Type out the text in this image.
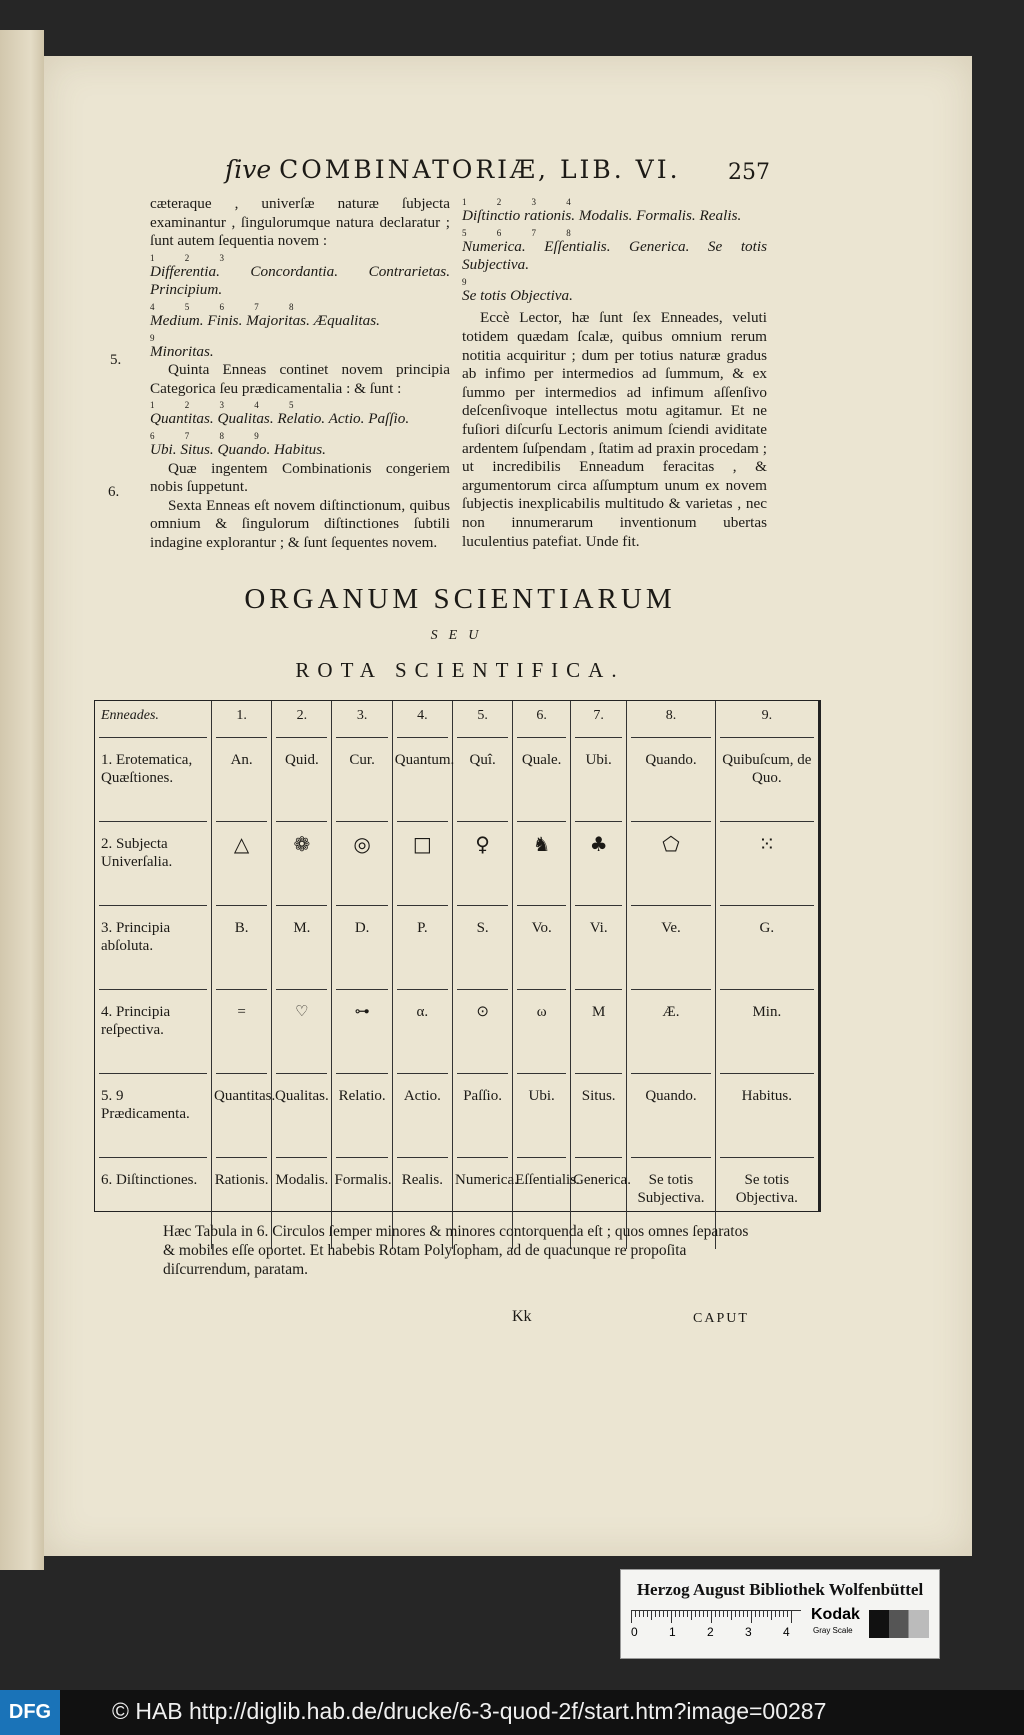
ſive COMBINATORIÆ, LIB. VI.	257

cæteraque , univerſæ naturæ ſubjecta examinantur , ſingulorumque natura declaratur ; ſunt autem ſequentia novem :

1 2 3

Differentia. Concordantia. Contrarietas. Principium.

4 5 6 7 8

Medium. Finis. Majoritas. Æqualitas.

9

Minoritas.

Quinta Enneas continet novem principia Categorica ſeu prædicamentalia : & ſunt :

1 2 3 4 5

Quantitas. Qualitas. Relatio. Actio. Paſſio.

6 7 8 9

Ubi. Situs. Quando. Habitus.

Quæ ingentem Combinationis congeriem nobis ſuppetunt.

Sexta Enneas eſt novem diſtinctionum, quibus omnium & ſingulorum diſtinctiones ſubtili indagine explorantur ; & ſunt ſequentes novem.

5.
6.
1 2 3 4

Diſtinctio rationis. Modalis. Formalis. Realis.

5 6 7 8

Numerica. Eſſentialis. Generica. Se totis Subjectiva.

9

Se totis Objectiva.

Eccè Lector, hæ ſunt ſex Enneades, veluti totidem quædam ſcalæ, quibus omnium rerum notitia acquiritur ; dum per totius naturæ gradus ab infimo per intermedios ad ſummum, & ex ſummo per intermedios ad infimum aſſenſivo deſcenſivoque intellectus motu agitamur. Et ne fuſiori diſcurſu Lectoris animum ſciendi aviditate ardentem ſuſpendam , ſtatim ad praxin procedam ; ut incredibilis Enneadum feracitas , & argumentorum circa aſſumptum unum ex novem ſubjectis inexplicabilis multitudo & varietas , nec non innumerarum inventionum ubertas luculentius patefiat. Unde fit.

ORGANUM SCIENTIARUM
SEU
ROTA SCIENTIFICA.
Enneades.	1.	2.	3.	4.	5.	6.	7.	8.	9.

1. Erotematica, Quæſtiones.	An.	Quid.	Cur.	Quantum.	Quî.	Quale.	Ubi.	Quando.	Quibuſcum, de Quo.

2. Subjecta Univerſalia.	△	❁	◎	□	♀	♞	♣	⬠	⁙

3. Principia abſoluta.	B.	M.	D.	P.	S.	Vo.	Vi.	Ve.	G.

4. Principia reſpectiva.	=	♡	⊶	α.	⊙	ω	M	Æ.	Min.

5. 9 Prædicamenta.	Quantitas.	Qualitas.	Relatio.	Actio.	Paſſio.	Ubi.	Situs.	Quando.	Habitus.

6. Diſtinctiones.	Rationis.	Modalis.	Formalis.	Realis.	Numerica.	Eſſentialis.	Generica.	Se totis Subjectiva.	Se totis Objectiva.
Hæc Tabula in 6. Circulos ſemper minores & minores contorquenda eſt ; quos omnes ſeparatos & mobiles eſſe oportet. Et habebis Rotam Polyſopham, ad de quacunque re propoſita diſcurrendum, paratam.
Kk	CAPUT
Herzog August Bibliothek Wolfenbüttel
0	1	2	3	4
Kodak
Gray Scale
DFG	© HAB http://diglib.hab.de/drucke/6-3-quod-2f/start.htm?image=00287
